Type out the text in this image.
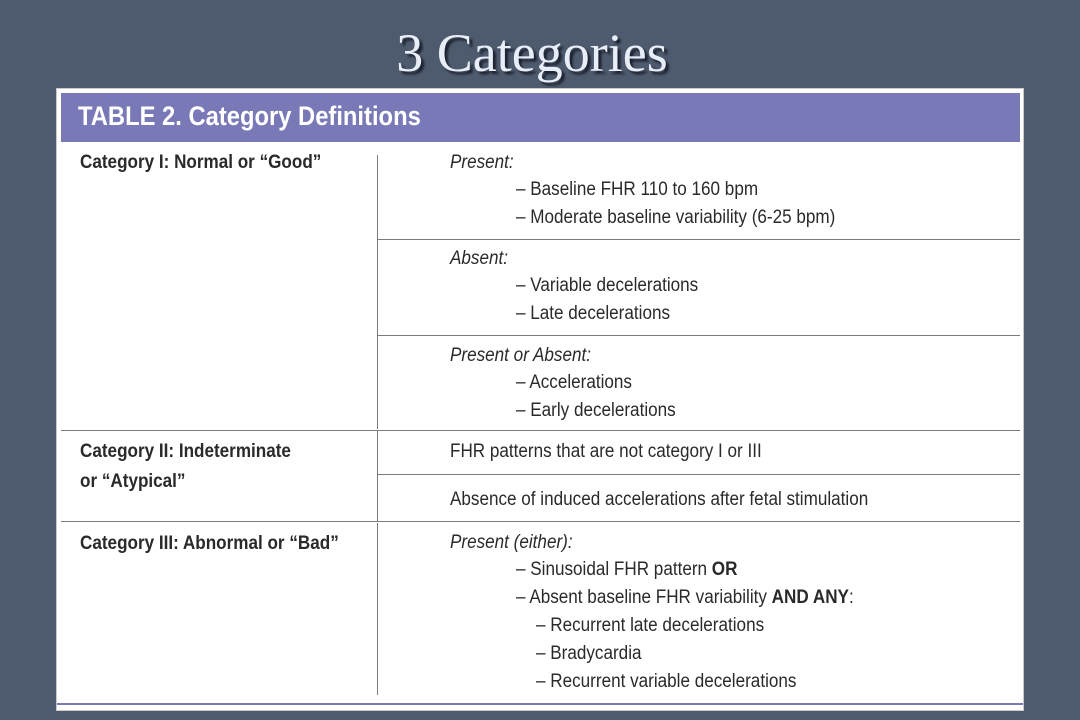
3 Categories
TABLE 2. Category Definitions
Category I: Normal or “Good”
Category II: Indeterminate
or “Atypical”
Category III: Abnormal or “Bad”
Present:
– Baseline FHR 110 to 160 bpm
– Moderate baseline variability (6-25 bpm)
Absent:
– Variable decelerations
– Late decelerations
Present or Absent:
– Accelerations
– Early decelerations
FHR patterns that are not category I or III
Absence of induced accelerations after fetal stimulation
Present (either):
– Sinusoidal FHR pattern OR
– Absent baseline FHR variability AND ANY:
– Recurrent late decelerations
– Bradycardia
– Recurrent variable decelerations
